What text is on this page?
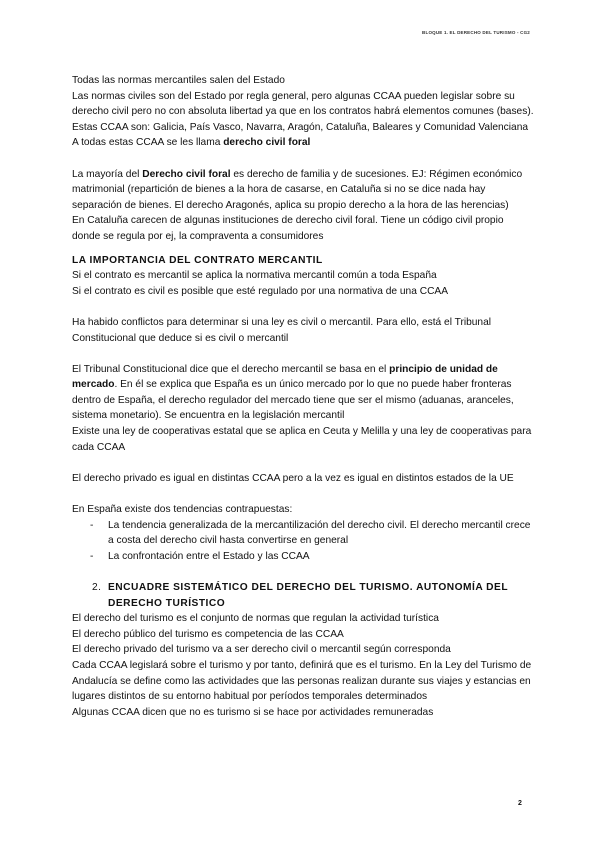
BLOQUE 1. EL DERECHO DEL TURISMO - CG2

Todas las normas mercantiles salen del Estado

Las normas civiles son del Estado por regla general, pero algunas CCAA pueden legislar sobre su derecho civil pero no con absoluta libertad ya que en los contratos habrá elementos comunes (bases). Estas CCAA son: Galicia, País Vasco, Navarra, Aragón, Cataluña, Baleares y Comunidad Valenciana

A todas estas CCAA se les llama derecho civil foral

La mayoría del Derecho civil foral es derecho de familia y de sucesiones. EJ: Régimen económico matrimonial (repartición de bienes a la hora de casarse, en Cataluña si no se dice nada hay separación de bienes. El derecho Aragonés, aplica su propio derecho a la hora de las herencias)

En Cataluña carecen de algunas instituciones de derecho civil foral. Tiene un código civil propio donde se regula por ej, la compraventa a consumidores

LA IMPORTANCIA DEL CONTRATO MERCANTIL

Si el contrato es mercantil se aplica la normativa mercantil común a toda España

Si el contrato es civil es posible que esté regulado por una normativa de una CCAA

Ha habido conflictos para determinar si una ley es civil o mercantil. Para ello, está el Tribunal Constitucional que deduce si es civil o mercantil

El Tribunal Constitucional dice que el derecho mercantil se basa en el principio de unidad de mercado. En él se explica que España es un único mercado por lo que no puede haber fronteras dentro de España, el derecho regulador del mercado tiene que ser el mismo (aduanas, aranceles, sistema monetario). Se encuentra en la legislación mercantil

Existe una ley de cooperativas estatal que se aplica en Ceuta y Melilla y una ley de cooperativas para cada CCAA

El derecho privado es igual en distintas CCAA pero a la vez es igual en distintos estados de la UE

En España existe dos tendencias contrapuestas:

- La tendencia generalizada de la mercantilización del derecho civil. El derecho mercantil crece a costa del derecho civil hasta convertirse en general
- La confrontación entre el Estado y las CCAA
2. ENCUADRE SISTEMÁTICO DEL DERECHO DEL TURISMO. AUTONOMÍA DEL DERECHO TURÍSTICO

El derecho del turismo es el conjunto de normas que regulan la actividad turística

El derecho público del turismo es competencia de las CCAA

El derecho privado del turismo va a ser derecho civil o mercantil según corresponda

Cada CCAA legislará sobre el turismo y por tanto, definirá que es el turismo. En la Ley del Turismo de Andalucía se define como las actividades que las personas realizan durante sus viajes y estancias en lugares distintos de su entorno habitual por períodos temporales determinados

Algunas CCAA dicen que no es turismo si se hace por actividades remuneradas

2
